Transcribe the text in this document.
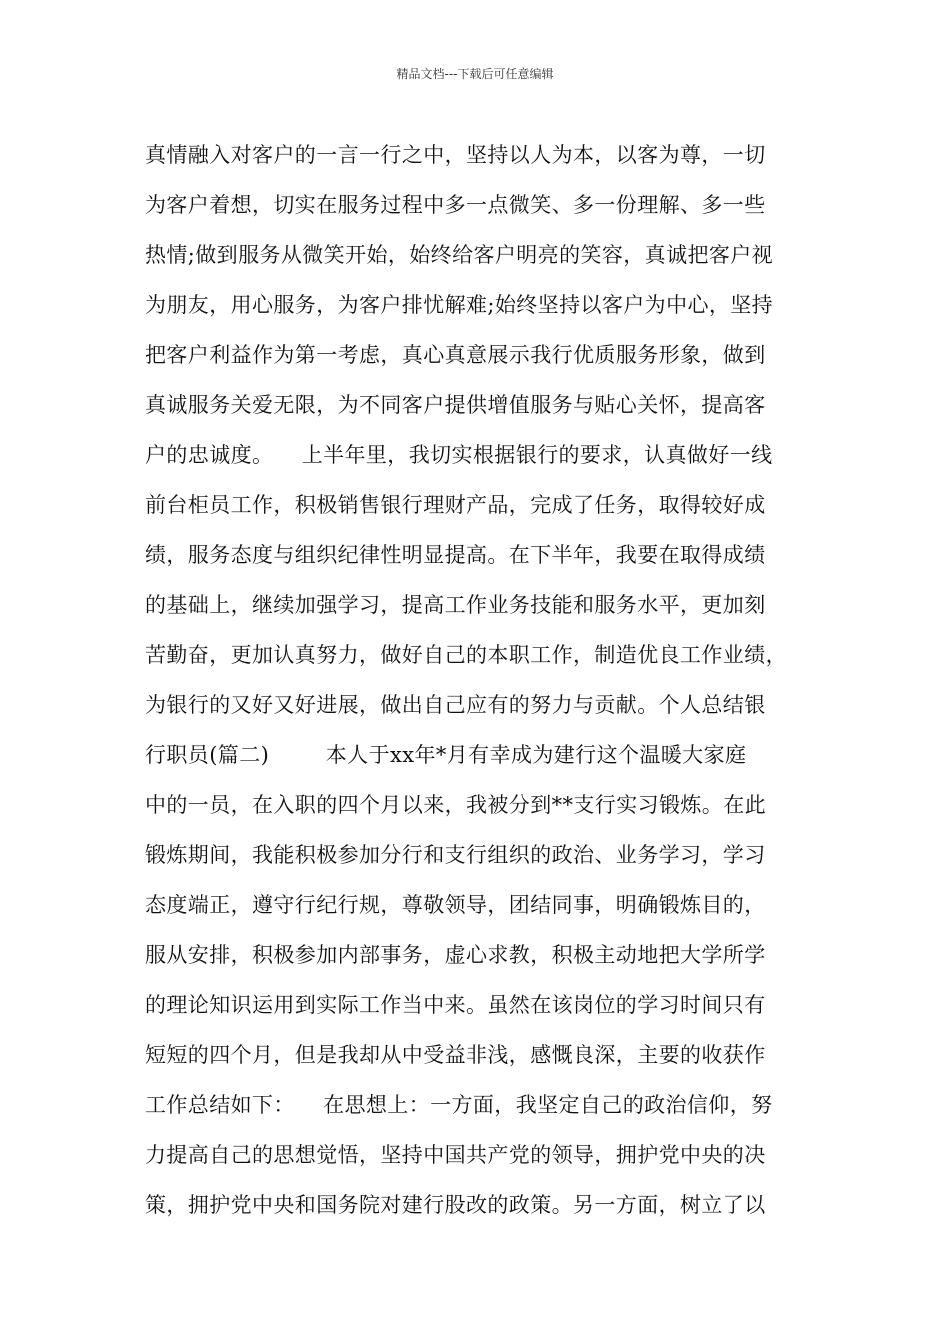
精品文档---下载后可任意编辑
真情融入对客户的一言一行之中，坚持以人为本，以客为尊，一切
为客户着想，切实在服务过程中多一点微笑、多一份理解、多一些
热情;做到服务从微笑开始，始终给客户明亮的笑容，真诚把客户视
为朋友，用心服务，为客户排忧解难;始终坚持以客户为中心，坚持
把客户利益作为第一考虑，真心真意展示我行优质服务形象，做到
真诚服务关爱无限，为不同客户提供增值服务与贴心关怀，提高客
户的忠诚度。    上半年里，我切实根据银行的要求，认真做好一线
前台柜员工作，积极销售银行理财产品，完成了任务，取得较好成
绩，服务态度与组织纪律性明显提高。在下半年，我要在取得成绩
的基础上，继续加强学习，提高工作业务技能和服务水平，更加刻
苦勤奋，更加认真努力，做好自己的本职工作，制造优良工作业绩，
为银行的又好又好进展，做出自己应有的努力与贡献。个人总结银
行职员(篇二)        本人于xx年*月有幸成为建行这个温暖大家庭
中的一员，在入职的四个月以来，我被分到**支行实习锻炼。在此
锻炼期间，我能积极参加分行和支行组织的政治、业务学习，学习
态度端正，遵守行纪行规，尊敬领导，团结同事，明确锻炼目的，
服从安排，积极参加内部事务，虚心求教，积极主动地把大学所学
的理论知识运用到实际工作当中来。虽然在该岗位的学习时间只有
短短的四个月，但是我却从中受益非浅，感慨良深，主要的收获作
工作总结如下：    在思想上：一方面，我坚定自己的政治信仰，努
力提高自己的思想觉悟，坚持中国共产党的领导，拥护党中央的决
策，拥护党中央和国务院对建行股改的政策。另一方面，树立了以
